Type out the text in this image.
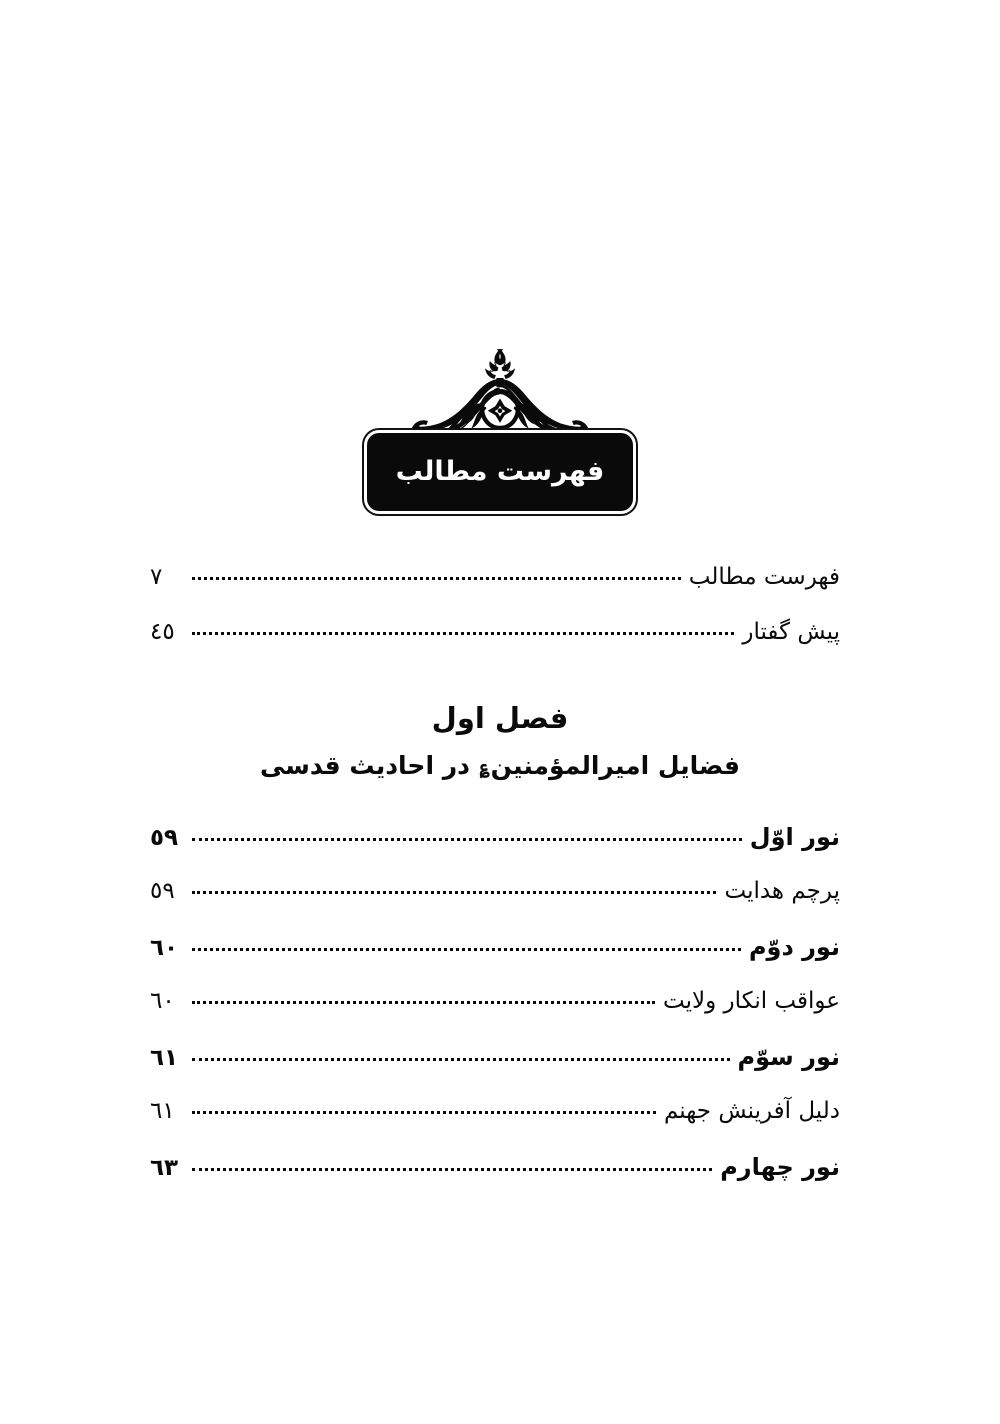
فهرست مطالب
فهرست مطالب
٧
پیش گفتار
٤٥
فصل اول
فضایل امیرالمؤمنین؏ در احادیث قدسی
نور اوّل
٥٩
پرچم هدایت
٥٩
نور دوّم
٦٠
عواقب انکار ولایت
٦٠
نور سوّم
٦١
دلیل آفرینش جهنم
٦١
نور چهارم
٦٣
